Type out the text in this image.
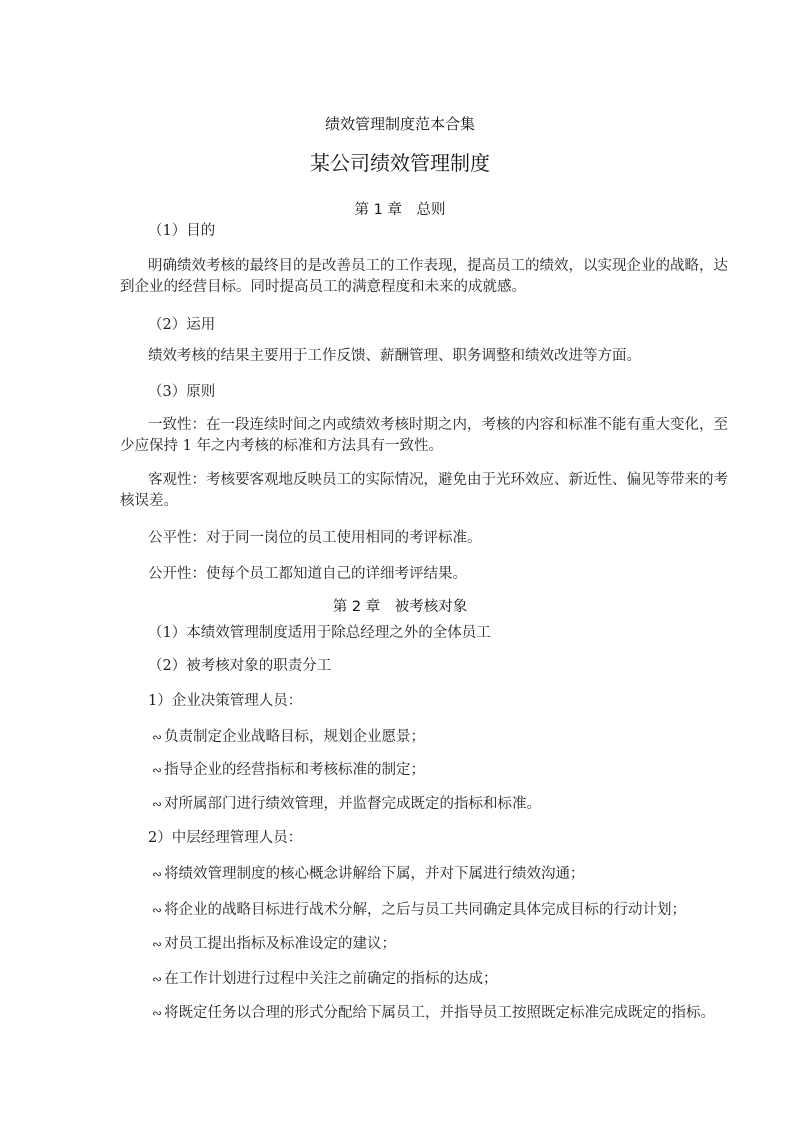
绩效管理制度范本合集
某公司绩效管理制度
第 1 章　总则
（1）目的
明确绩效考核的最终目的是改善员工的工作表现，提高员工的绩效，以实现企业的战略，达
到企业的经营目标。同时提高员工的满意程度和未来的成就感。
（2）运用
绩效考核的结果主要用于工作反馈、薪酬管理、职务调整和绩效改进等方面。
（3）原则
一致性：在一段连续时间之内或绩效考核时期之内，考核的内容和标准不能有重大变化，至
少应保持 1 年之内考核的标准和方法具有一致性。
客观性：考核要客观地反映员工的实际情况，避免由于光环效应、新近性、偏见等带来的考
核误差。
公平性：对于同一岗位的员工使用相同的考评标准。
公开性：使每个员工都知道自己的详细考评结果。
第 2 章　被考核对象
（1）本绩效管理制度适用于除总经理之外的全体员工
（2）被考核对象的职责分工
1）企业决策管理人员：
∾ 负责制定企业战略目标，规划企业愿景；
∾ 指导企业的经营指标和考核标准的制定；
∾ 对所属部门进行绩效管理，并监督完成既定的指标和标准。
2）中层经理管理人员：
∾ 将绩效管理制度的核心概念讲解给下属，并对下属进行绩效沟通；
∾ 将企业的战略目标进行战术分解，之后与员工共同确定具体完成目标的行动计划；
∾ 对员工提出指标及标准设定的建议；
∾ 在工作计划进行过程中关注之前确定的指标的达成；
∾ 将既定任务以合理的形式分配给下属员工，并指导员工按照既定标准完成既定的指标。
